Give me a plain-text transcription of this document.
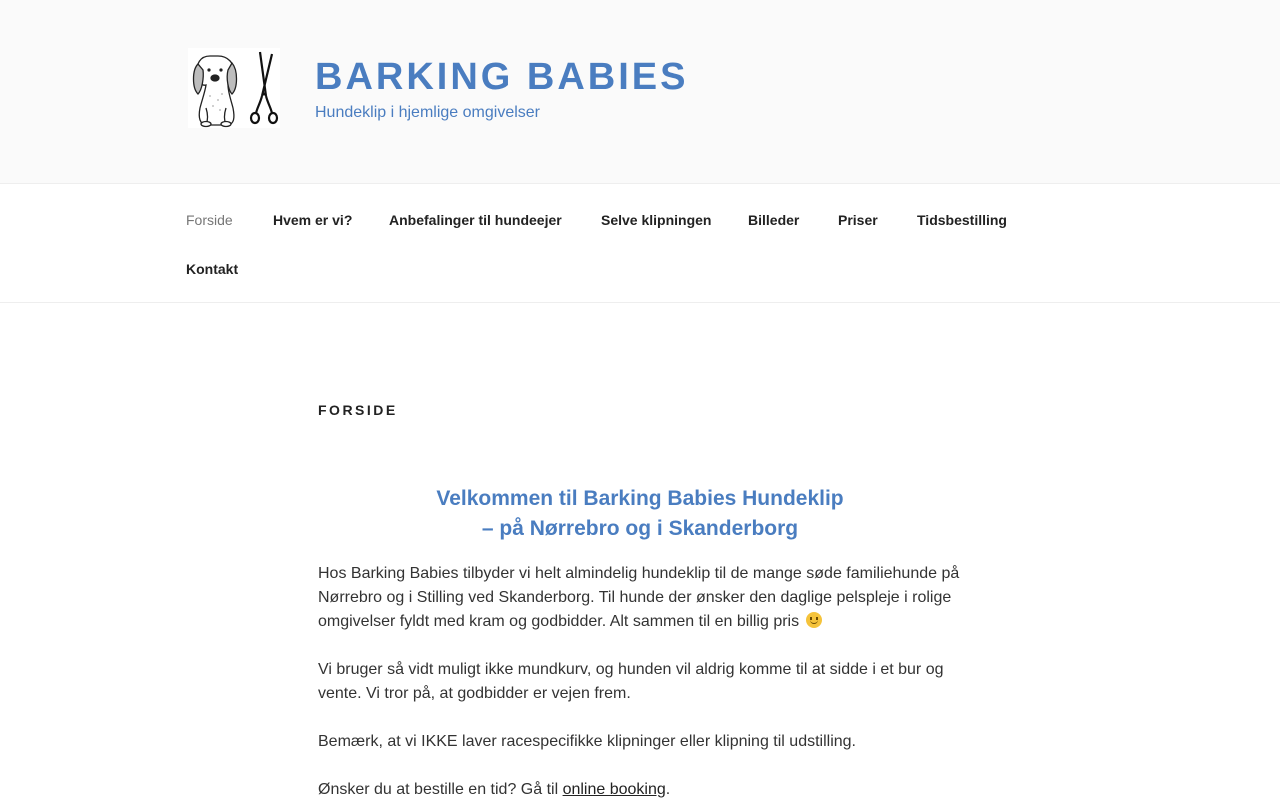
BARKING BABIES
Hundeklip i hjemlige omgivelser
Forside	Hvem er vi?	Anbefalinger til hundeejer	Selve klipningen	Billeder	Priser	Tidsbestilling
Kontakt
FORSIDE
Velkommen til Barking Babies Hundeklip
– på Nørrebro og i Skanderborg

Hos Barking Babies tilbyder vi helt almindelig hundeklip til de mange søde familiehunde på Nørrebro og i Stilling ved Skanderborg. Til hunde der ønsker den daglige pelspleje i rolige omgivelser fyldt med kram og godbidder. Alt sammen til en billig pris

Vi bruger så vidt muligt ikke mundkurv, og hunden vil aldrig komme til at sidde i et bur og vente. Vi tror på, at godbidder er vejen frem.

Bemærk, at vi IKKE laver racespecifikke klipninger eller klipning til udstilling.

Ønsker du at bestille en tid? Gå til online booking.
